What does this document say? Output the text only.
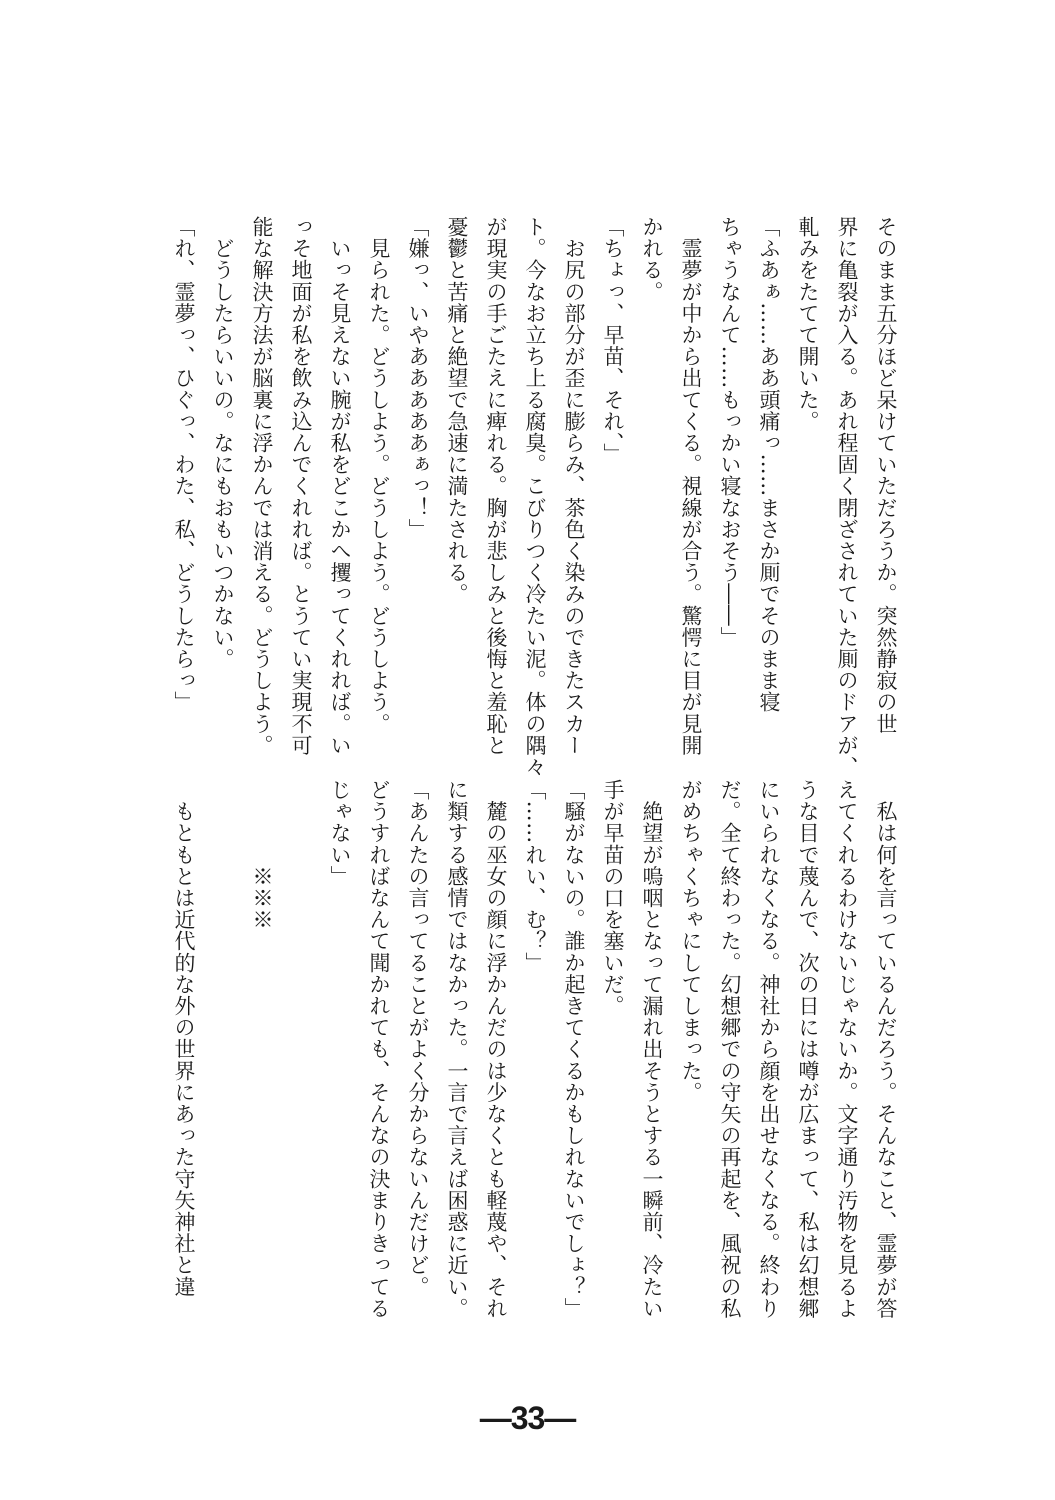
そのまま五分ほど呆けていただろうか。突然静寂の世
界に亀裂が入る。あれ程固く閉ざされていた厠のドアが、
軋みをたてて開いた。
「ふあぁ……ああ頭痛っ……まさか厠でそのまま寝
ちゃうなんて……もっかい寝なおそう――」
　霊夢が中から出てくる。視線が合う。驚愕に目が見開
かれる。
「ちょっ、早苗、それ、」
　お尻の部分が歪に膨らみ、茶色く染みのできたスカー
ト。今なお立ち上る腐臭。こびりつく冷たい泥。体の隅々
が現実の手ごたえに痺れる。胸が悲しみと後悔と羞恥と
憂鬱と苦痛と絶望で急速に満たされる。
「嫌っ、いやあああああぁっ！」
　見られた。どうしよう。どうしよう。どうしよう。
　いっそ見えない腕が私をどこかへ攫ってくれれば。い
っそ地面が私を飲み込んでくれれば。とうてい実現不可
能な解決方法が脳裏に浮かんでは消える。どうしよう。
　どうしたらいいの。なにもおもいつかない。
「れ、霊夢っ、ひぐっ、わた、私、どうしたらっ」
　私は何を言っているんだろう。そんなこと、霊夢が答
えてくれるわけないじゃないか。文字通り汚物を見るよ
うな目で蔑んで、次の日には噂が広まって、私は幻想郷
にいられなくなる。神社から顔を出せなくなる。終わり
だ。全て終わった。幻想郷での守矢の再起を、風祝の私
がめちゃくちゃにしてしまった。
　絶望が嗚咽となって漏れ出そうとする一瞬前、冷たい
手が早苗の口を塞いだ。
「騒がないの。誰か起きてくるかもしれないでしょ？」
「……れい、む？」
　麓の巫女の顔に浮かんだのは少なくとも軽蔑や、それ
に類する感情ではなかった。一言で言えば困惑に近い。
「あんたの言ってることがよく分からないんだけど。
どうすればなんて聞かれても、そんなの決まりきってる
じゃない」
　　　　※※※
　もともとは近代的な外の世界にあった守矢神社と違
—33—
